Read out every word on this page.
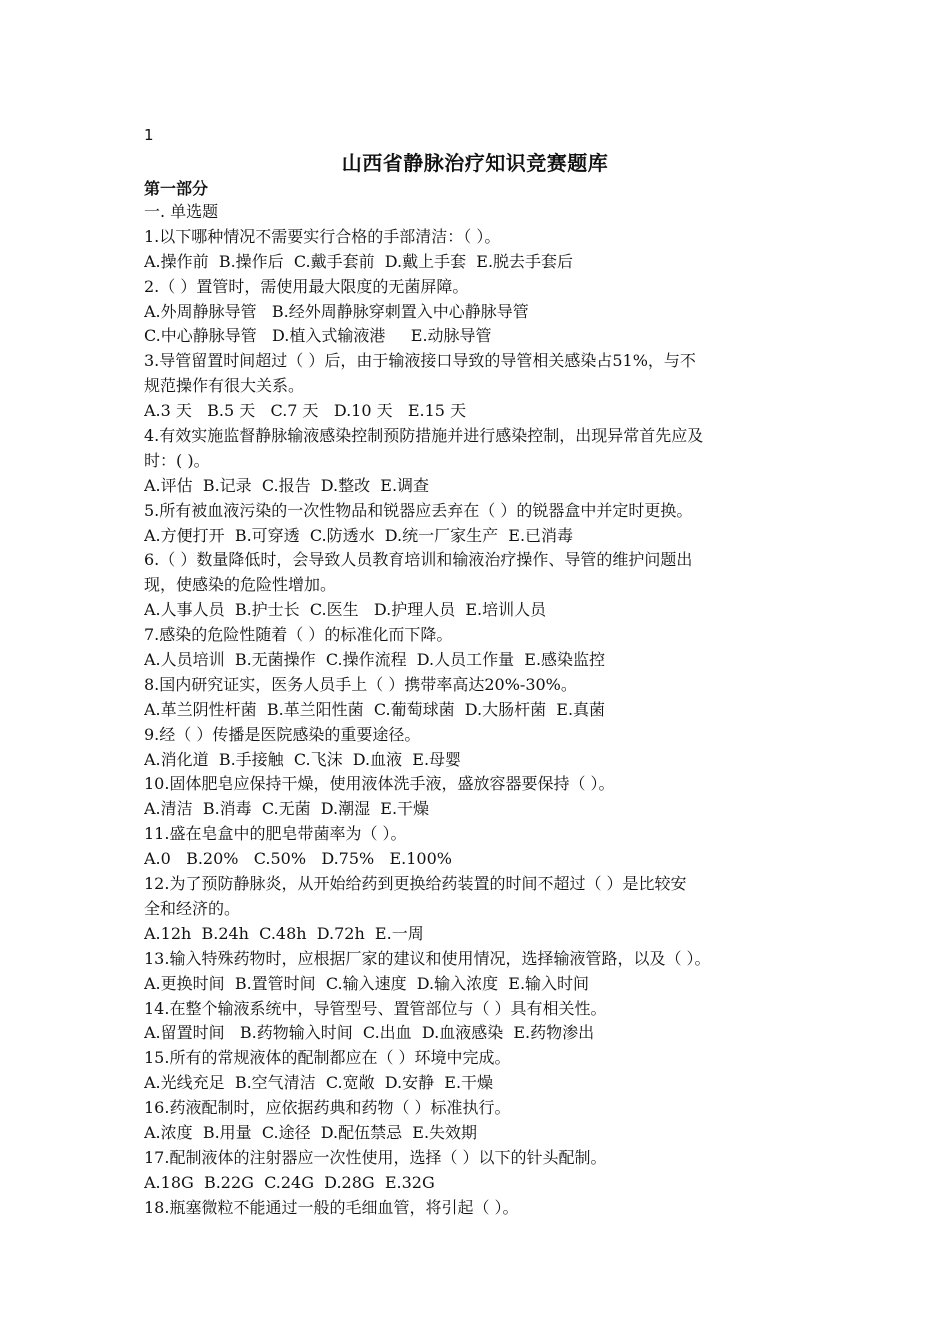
1
山西省静脉治疗知识竞赛题库
第一部分
一. 单选题
1.以下哪种情况不需要实行合格的手部清洁：（ ）。
A.操作前  B.操作后  C.戴手套前  D.戴上手套  E.脱去手套后
2.（ ）置管时，需使用最大限度的无菌屏障。
A.外周静脉导管   B.经外周静脉穿刺置入中心静脉导管
C.中心静脉导管   D.植入式输液港     E.动脉导管
3.导管留置时间超过（ ）后，由于输液接口导致的导管相关感染占51%，与不
规范操作有很大关系。
A.3 天   B.5 天   C.7 天   D.10 天   E.15 天
4.有效实施监督静脉输液感染控制预防措施并进行感染控制，出现异常首先应及
时：( )。
A.评估  B.记录  C.报告  D.整改  E.调查
5.所有被血液污染的一次性物品和锐器应丢弃在（ ）的锐器盒中并定时更换。
A.方便打开  B.可穿透  C.防透水  D.统一厂家生产  E.已消毒
6.（ ）数量降低时，会导致人员教育培训和输液治疗操作、导管的维护问题出
现，使感染的危险性增加。
A.人事人员  B.护士长  C.医生   D.护理人员  E.培训人员
7.感染的危险性随着（ ）的标准化而下降。
A.人员培训  B.无菌操作  C.操作流程  D.人员工作量  E.感染监控
8.国内研究证实，医务人员手上（ ）携带率高达20%-30%。
A.革兰阴性杆菌  B.革兰阳性菌  C.葡萄球菌  D.大肠杆菌  E.真菌
9.经（ ）传播是医院感染的重要途径。
A.消化道  B.手接触  C.飞沫  D.血液  E.母婴
10.固体肥皂应保持干燥，使用液体洗手液，盛放容器要保持（ ）。
A.清洁  B.消毒  C.无菌  D.潮湿  E.干燥
11.盛在皂盒中的肥皂带菌率为（ ）。
A.0   B.20%   C.50%   D.75%   E.100%
12.为了预防静脉炎，从开始给药到更换给药装置的时间不超过（ ）是比较安
全和经济的。
A.12h  B.24h  C.48h  D.72h  E.一周
13.输入特殊药物时，应根据厂家的建议和使用情况，选择输液管路，以及（ ）。
A.更换时间  B.置管时间  C.输入速度  D.输入浓度  E.输入时间
14.在整个输液系统中，导管型号、置管部位与（ ）具有相关性。
A.留置时间   B.药物输入时间  C.出血  D.血液感染  E.药物渗出
15.所有的常规液体的配制都应在（ ）环境中完成。
A.光线充足  B.空气清洁  C.宽敞  D.安静  E.干燥
16.药液配制时，应依据药典和药物（ ）标准执行。
A.浓度  B.用量  C.途径  D.配伍禁忌  E.失效期
17.配制液体的注射器应一次性使用，选择（ ）以下的针头配制。
A.18G  B.22G  C.24G  D.28G  E.32G
18.瓶塞微粒不能通过一般的毛细血管，将引起（ ）。
